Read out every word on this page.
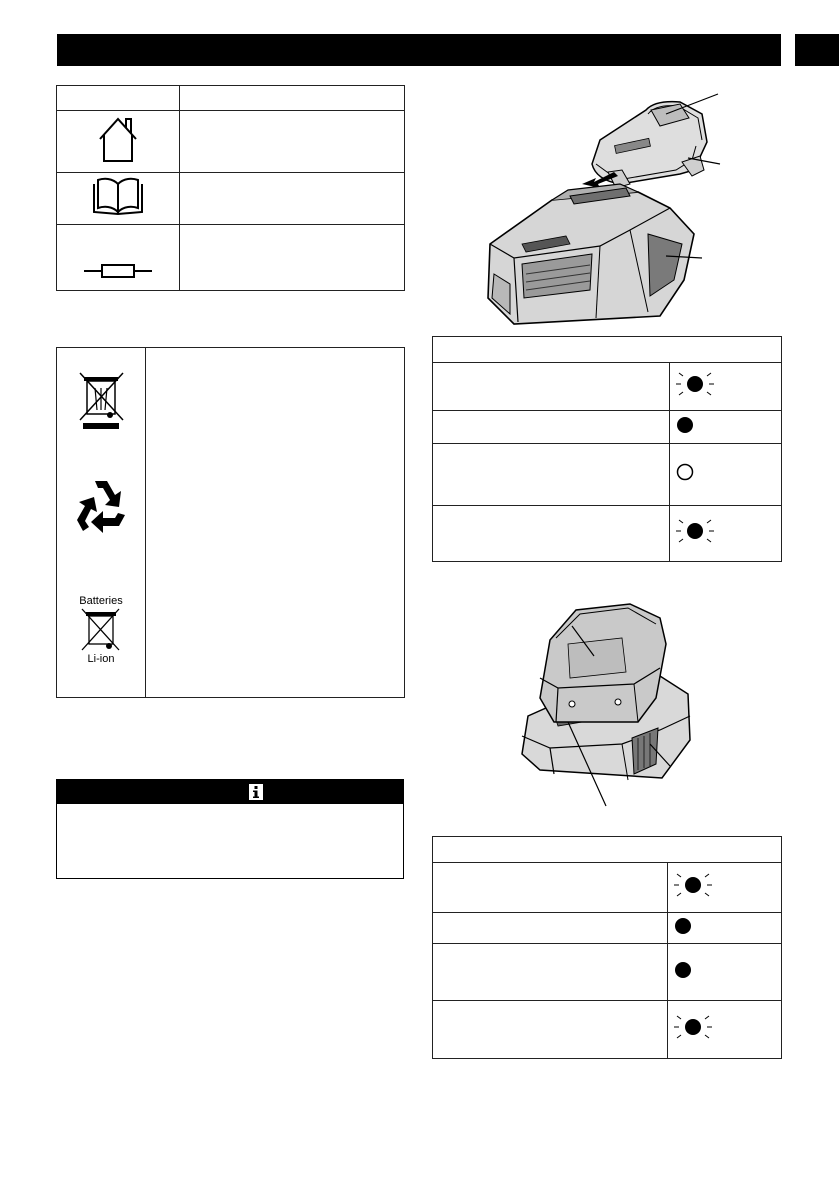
Batteries
Li-ion
